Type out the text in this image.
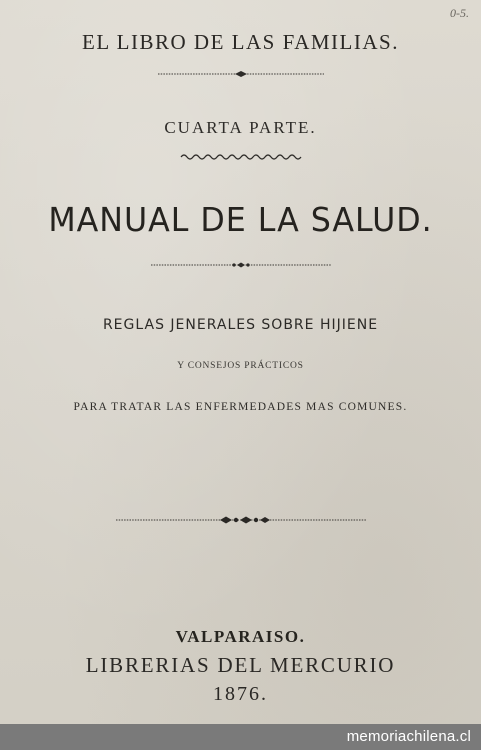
0-5.
EL LIBRO DE LAS FAMILIAS.
CUARTA PARTE.
MANUAL DE LA SALUD.
REGLAS JENERALES SOBRE HIJIENE
Y CONSEJOS PRÁCTICOS
PARA TRATAR LAS ENFERMEDADES MAS COMUNES.
VALPARAISO.
LIBRERIAS DEL MERCURIO
1876.
memoriachilena.cl
